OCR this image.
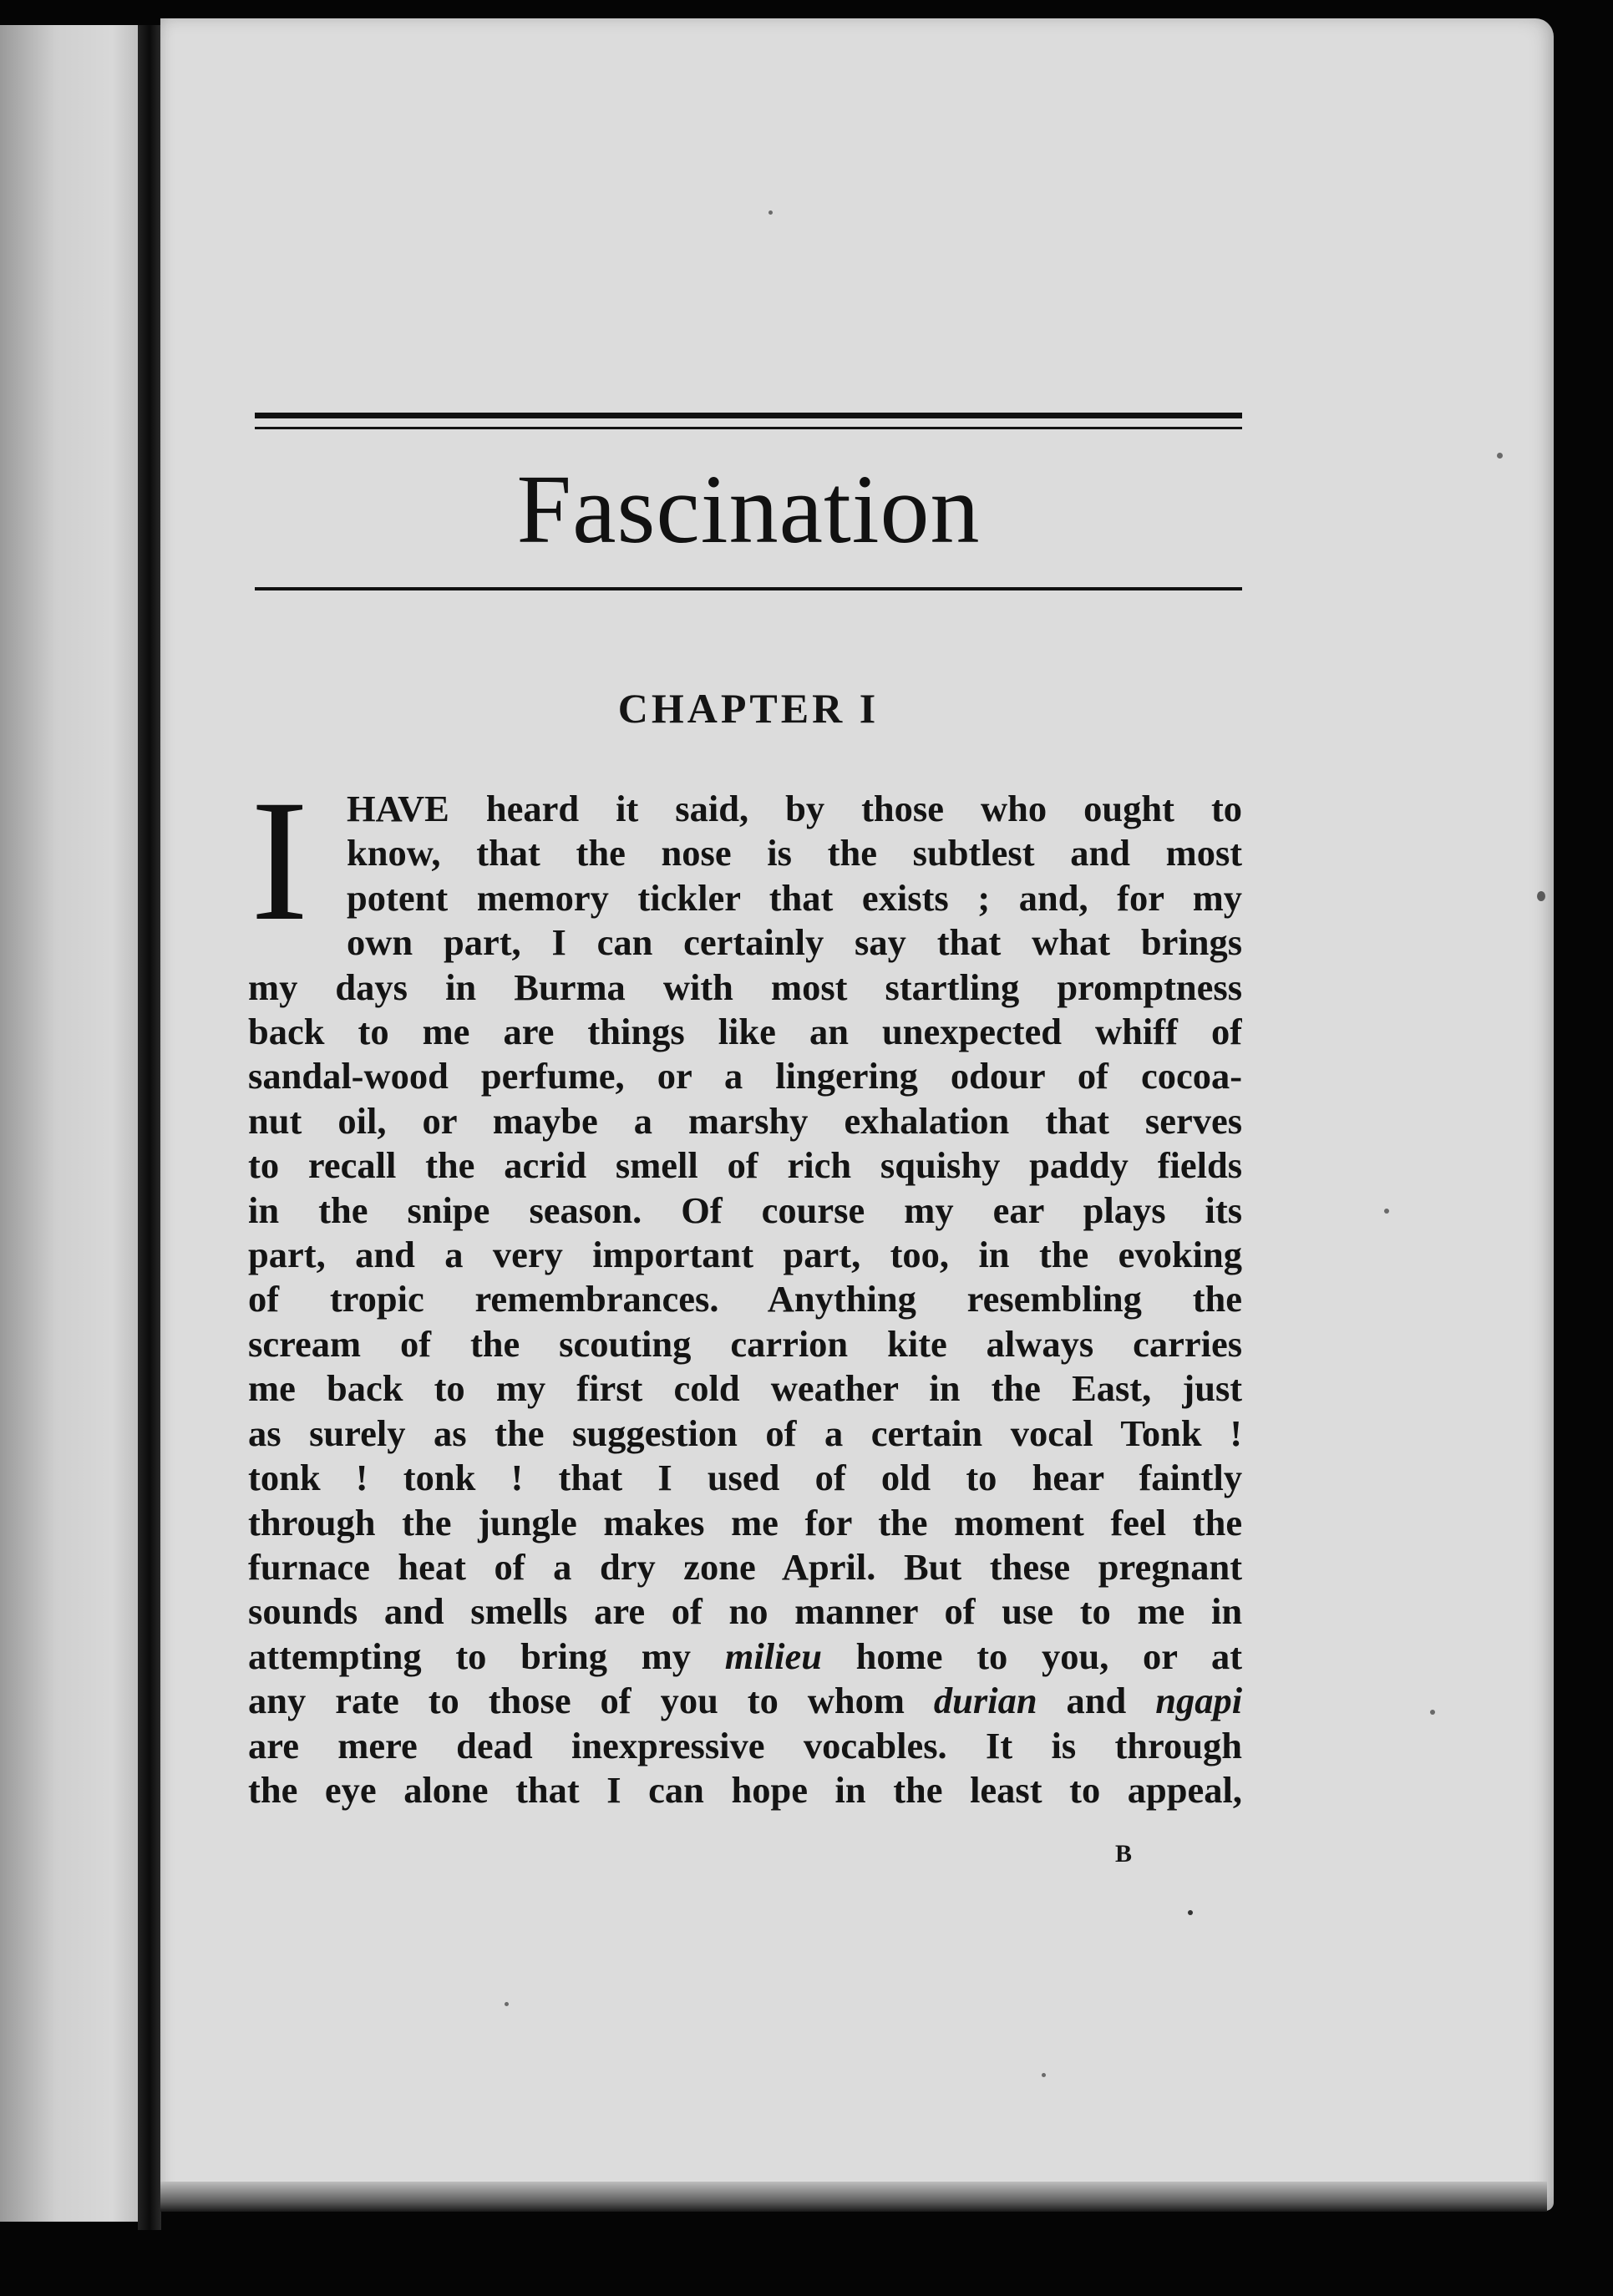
Fascination
CHAPTER I
I	HAVE heard it said, by those who ought to
know, that the nose is the subtlest and most
potent memory tickler that exists ; and, for my
own part, I can certainly say that what brings
my days in Burma with most startling promptness
back to me are things like an unexpected whiff of
sandal-wood perfume, or a lingering odour of cocoa-
nut oil, or maybe a marshy exhalation that serves
to recall the acrid smell of rich squishy paddy fields
in the snipe season. Of course my ear plays its
part, and a very important part, too, in the evoking
of tropic remembrances. Anything resembling the
scream of the scouting carrion kite always carries
me back to my first cold weather in the East, just
as surely as the suggestion of a certain vocal Tonk !
tonk ! tonk ! that I used of old to hear faintly
through the jungle makes me for the moment feel the
furnace heat of a dry zone April. But these pregnant
sounds and smells are of no manner of use to me in
attempting to bring my milieu home to you, or at
any rate to those of you to whom durian and ngapi
are mere dead inexpressive vocables. It is through
the eye alone that I can hope in the least to appeal,
B
